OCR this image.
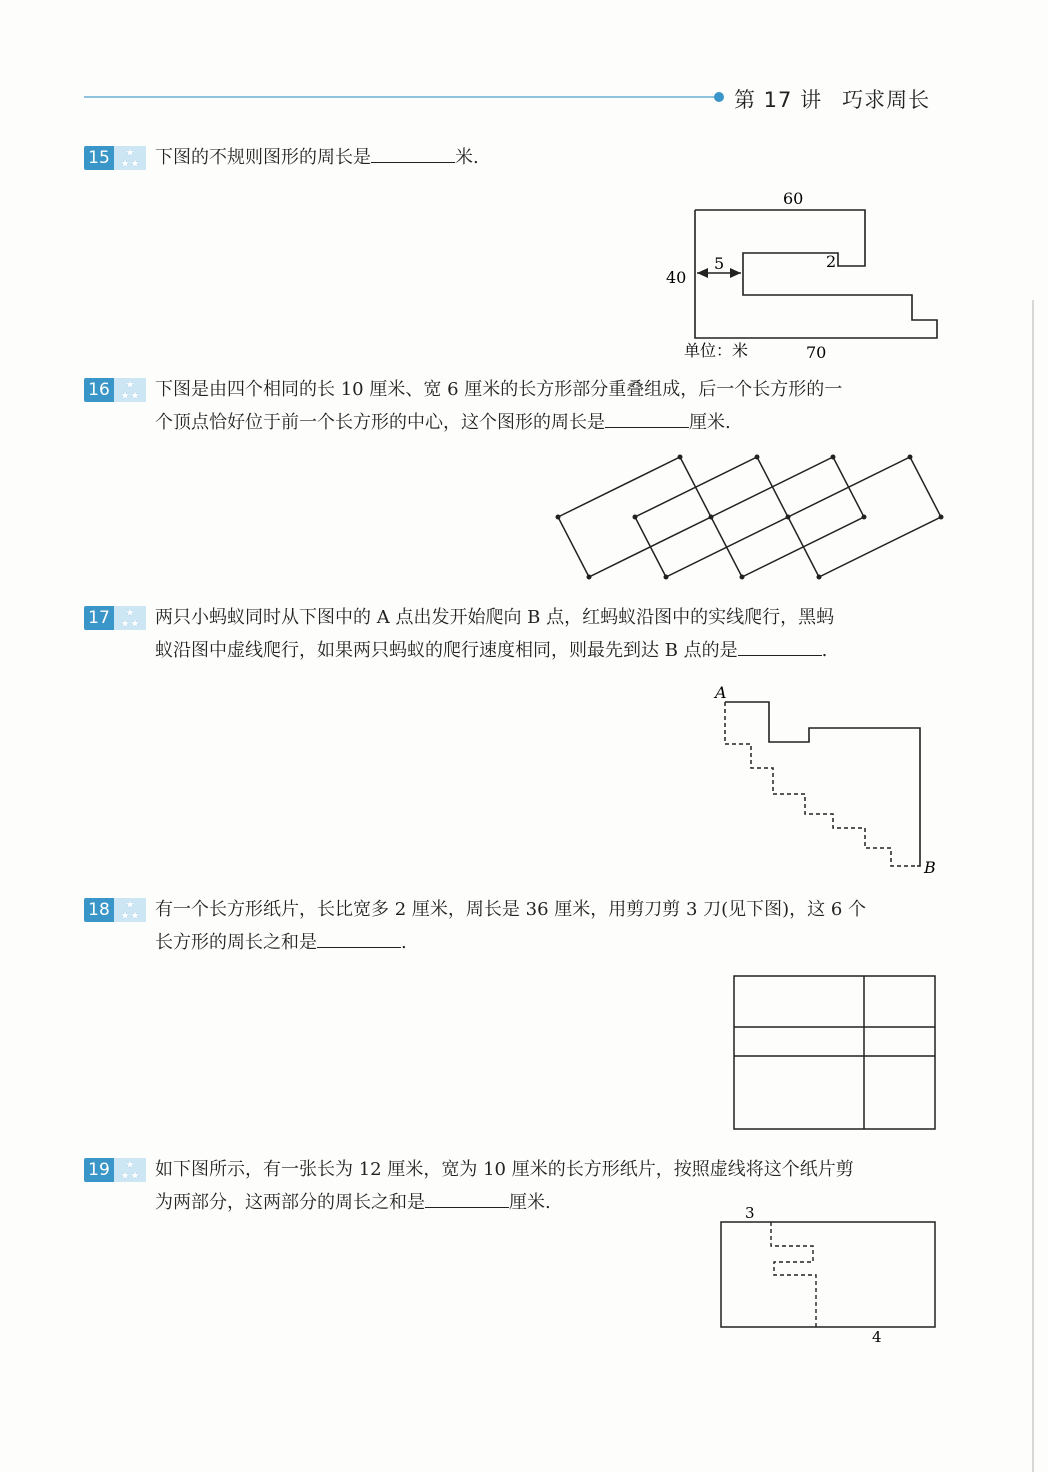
第 17 讲 巧求周长
15	★
★★ 下图的不规则图形的周长是	米.
60
40
5	2
70
单位：米
16	★
★★ 下图是由四个相同的长 10 厘米、宽 6 厘米的长方形部分重叠组成，后一个长方形的一
个顶点恰好位于前一个长方形的中心，这个图形的周长是	厘米.
17	★
★★ 两只小蚂蚁同时从下图中的 A 点出发开始爬向 B 点，红蚂蚁沿图中的实线爬行，黑蚂
蚁沿图中虚线爬行，如果两只蚂蚁的爬行速度相同，则最先到达 B 点的是	.
A
B
18	★
★★ 有一个长方形纸片，长比宽多 2 厘米，周长是 36 厘米，用剪刀剪 3 刀(见下图)，这 6 个
长方形的周长之和是	.
19	★
★★ 如下图所示，有一张长为 12 厘米，宽为 10 厘米的长方形纸片，按照虚线将这个纸片剪
为两部分，这两部分的周长之和是	厘米.	3
4
